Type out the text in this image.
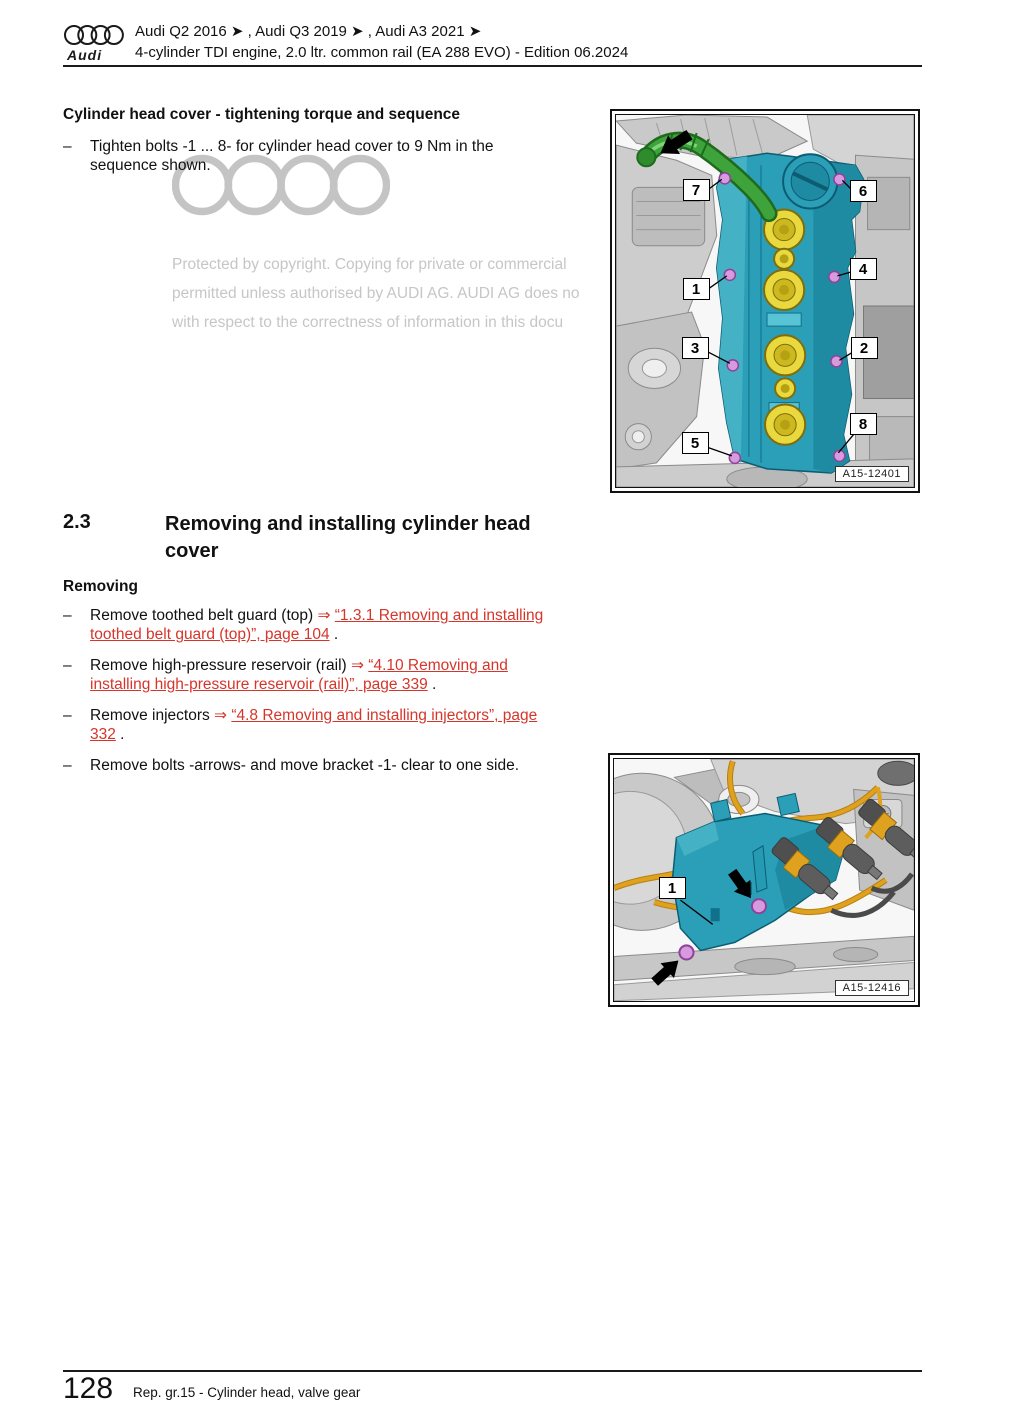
Audi
Audi Q2 2016 ➤ , Audi Q3 2019 ➤ , Audi A3 2021 ➤
4-cylinder TDI engine, 2.0 ltr. common rail (EA 288 EVO) - Edition 06.2024
Protected by copyright. Copying for private or commercial
permitted unless authorised by AUDI AG. AUDI AG does no
with respect to the correctness of information in this docu
Cylinder head cover - tightening torque and sequence
–	Tighten bolts -1 ... 8- for cylinder head cover to 9 Nm in the sequence shown.
7	6
1
4
3	2
5
8
A15-12401
2.3	Removing and installing cylinder head cover
Removing
–	Remove toothed belt guard (top) ⇒ “1.3.1 Removing and installing toothed belt guard (top)”, page 104 .
–	Remove high-pressure reservoir (rail) ⇒ “4.10 Removing and installing high-pressure reservoir (rail)”, page 339 .
–	Remove injectors ⇒ “4.8 Removing and installing injectors”, page 332 .
–	Remove bolts -arrows- and move bracket -1- clear to one side.
1
A15-12416
128 Rep. gr.15 - Cylinder head, valve gear
